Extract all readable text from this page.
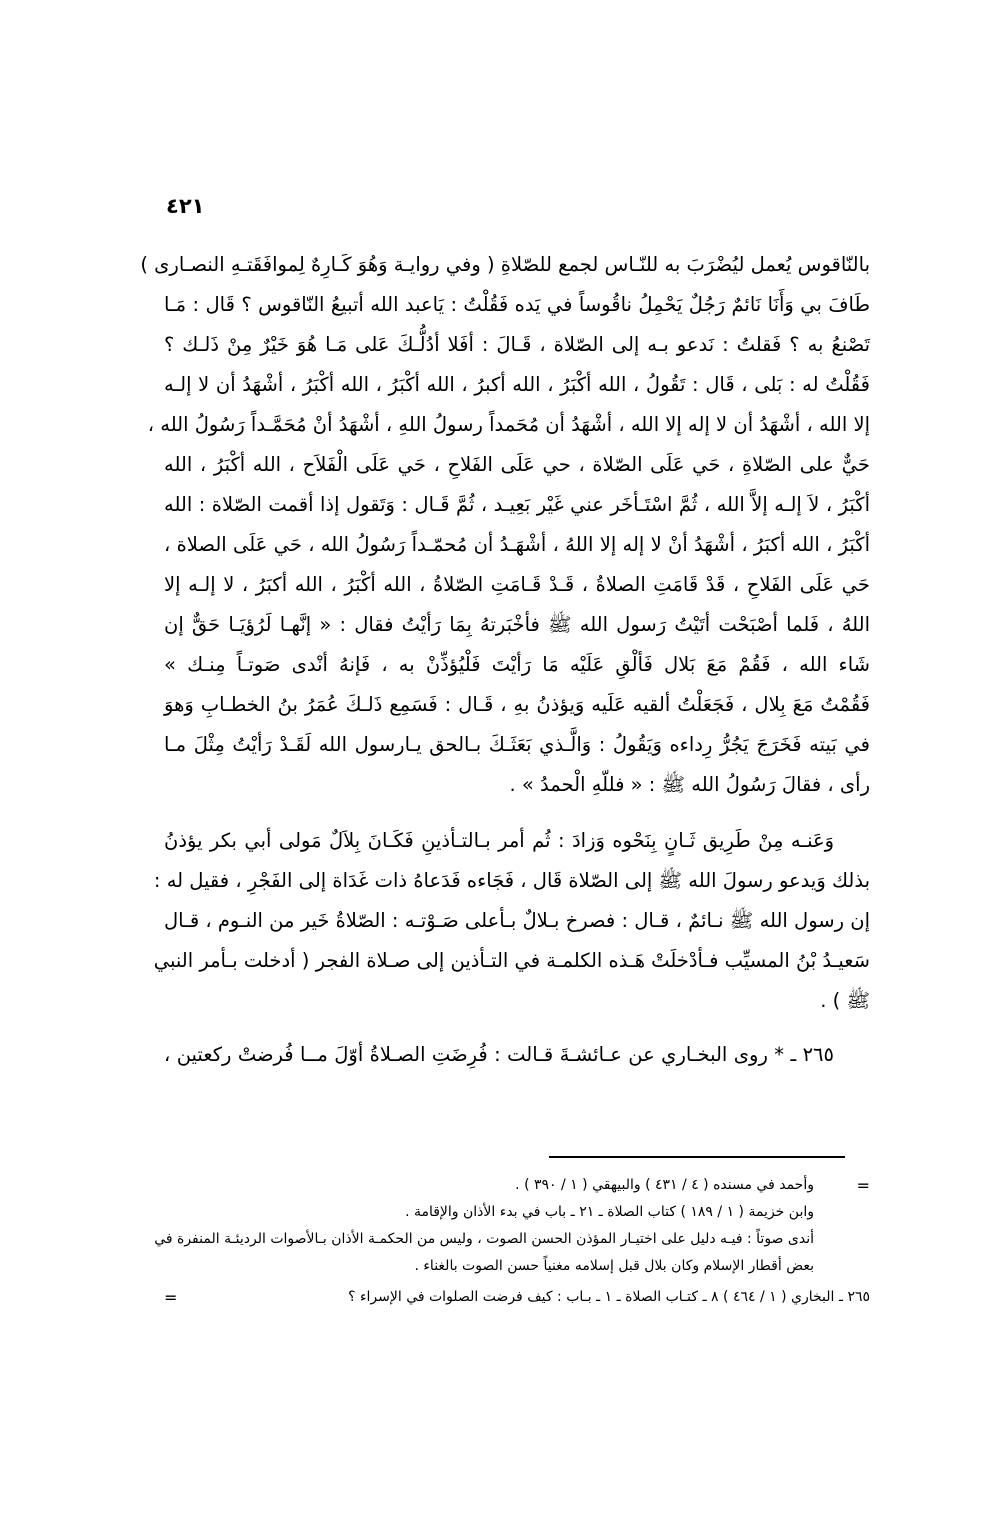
٤٢١
بالنّاقوس يُعمل ليُضْرَبَ به للنّـاس لجمع للصّلاةِ ( وفي روايـة وَهُوَ كَـارِهٌ لِموافَقَتـهِ النصـارى )
طَافَ بي وَأَنَا نَائمٌ رَجُلٌ يَحْمِلُ ناقُوساً في يَده فَقُلْتُ : يَاعبد الله أتبيعُ النّاقوس ؟ قَال : مَـا
تَصْنعُ به ؟ فَقلتُ : نَدعو بـه إلى الصّلاة ، قَـالَ : أفَلا أدُلُّـكَ عَلى مَـا هُوَ خَيْرٌ مِنْ ذَلـك ؟
فَقُلْتُ له : بَلى ، قَال : تَقُولُ ، الله أكْبَرُ ، الله أكبرُ ، الله أكْبَرُ ، الله أكْبَرُ ، أشْهَدُ أن لا إلـه
إلا الله ، أشْهَدُ أن لا إله إلا الله ، أشْهَدُ أن مُحَمداً رسولُ اللهِ ، أشْهَدُ أنْ مُحَمَّـداً رَسُولُ الله ،
حَيٌّ على الصّلاةِ ، حَي عَلَى الصّلاة ، حي عَلَى الفَلاحِ ، حَي عَلَى الْفَلاَح ، الله أكْبَرُ ، الله
أكْبَرُ ، لاَ إلـه إلاَّ الله ، ثُمَّ اسْتَـأخَر عني غَيْر بَعِيـد ، ثُمَّ قَـال : وَتَقول إذا أقمت الصّلاة : الله
أكْبَرُ ، الله أكبَرُ ، أشْهَدُ أنْ لا إله إلا اللهُ ، أشْهَـدُ أن مُحمّـداً رَسُولُ الله ، حَي عَلَى الصلاة ،
حَي عَلَى الفَلاحِ ، قَدْ قَامَتِ الصلاةُ ، قَـدْ قَـامَتِ الصّلاةُ ، الله أكْبَرُ ، الله أكبَرُ ، لا إلـه إلا
اللهُ ، فَلما أصْبَحْت أتَيْتُ رَسول الله ﷺ فأخْبَرتهُ بِمَا رَأيْتُ فقال : « إنَّهـا لَرُؤيَـا حَقٌّ إن
شَاء الله ، فَقُمْ مَعَ بَلال فَألْقِ عَلَيْه مَا رَأيْتَ فَلْيُؤذِّنْ به ، فَإنهُ أنْدى صَوتـاً مِنـك »
فَقُمْتُ مَعَ بِلال ، فَجَعَلْتُ ألقيه عَلَيه وَيؤذنُ بهِ ، قَـال : فَسَمِع ذَلـكَ عُمَرُ بنُ الخطـابِ وَهوَ
في بَيته فَخَرَجَ يَجُرُّ رِداءه وَيَقُولُ : وَالَّـذي بَعَثَـكَ بـالحق يـارسول الله لَقَـدْ رَأيْتُ مِثْلَ مـا
رأى ، فقالَ رَسُولُ الله ﷺ : « فللّهِ الْحمدُ » .
وَعَنـه مِنْ طَرِيق ثَـانٍ بِنَحْوه وَزادَ : ثُم أمر بـالتـأذينِ فَكَـانَ بِلاَلٌ مَولى أبي بكر يؤذنُ
بذلك وَيدعو رسولَ الله ﷺ إلى الصّلاة قَال ، فَجَاءه فَدَعاهُ ذات غَدَاة إلى الفَجْرِ ، فقيل له :
إن رسول الله ﷺ نـائمٌ ، قـال : فصرخ بـلالٌ بـأعلى صَـوْتـه : الصّلاةُ خَير من النـوم ، قـال
سَعيـدُ بْنُ المسيِّب فـأدْخلَتْ هَـذه الكلمـة في التـأذين إلى صـلاة الفجر ( أدخلت بـأمر النبي
ﷺ ) .
٢٦٥ ـ * روى البخـاري عن عـائشـةَ قـالت : فُرِضَتِ الصـلاةُ أوّلَ مــا فُرضتْ ركعتين ،
=
وأحمد في مسنده ( ٤ / ٤٣١ ) والبيهقي ( ١ / ٣٩٠ ) .
وابن خزيمة ( ١ / ١٨٩ ) كتاب الصلاة ـ ٢١ ـ باب في بدء الأذان والإقامة .
أندى صوتاً : فيـه دليل على اختيـار المؤذن الحسن الصوت ، وليس من الحكمـة الأذان بـالأصوات الرديئـة المنفرة في
بعض أقطار الإسلام وكان بلال قبل إسلامه مغنياً حسن الصوت بالغناء .
٢٦٥ ـ البخاري ( ١ / ٤٦٤ ) ٨ ـ كتـاب الصلاة ـ ١ ـ بـاب : كيف فرضت الصلوات في الإسراء ؟
=
